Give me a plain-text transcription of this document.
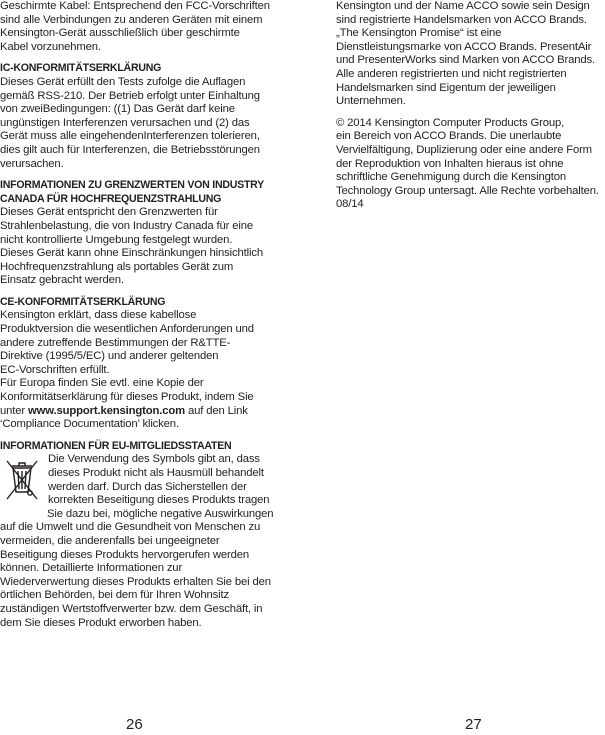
Geschirmte Kabel: Entsprechend den FCC-Vorschriften
sind alle Verbindungen zu anderen Geräten mit einem
Kensington-Gerät ausschließlich über geschirmte
Kabel vorzunehmen.

IC-KONFORMITÄTSERKLÄRUNG

Dieses Gerät erfüllt den Tests zufolge die Auflagen
gemäß RSS-210. Der Betrieb erfolgt unter Einhaltung
von zweiBedingungen: ((1) Das Gerät darf keine
ungünstigen Interferenzen verursachen und (2) das
Gerät muss alle eingehendenInterferenzen tolerieren,
dies gilt auch für Interferenzen, die Betriebsstörungen
verursachen.

INFORMATIONEN ZU GRENZWERTEN VON INDUSTRY
CANADA FÜR HOCHFREQUENZSTRAHLUNG

Dieses Gerät entspricht den Grenzwerten für
Strahlenbelastung, die von Industry Canada für eine
nicht kontrollierte Umgebung festgelegt wurden.
Dieses Gerät kann ohne Einschränkungen hinsichtlich
Hochfrequenzstrahlung als portables Gerät zum
Einsatz gebracht werden.

CE-KONFORMITÄTSERKLÄRUNG

Kensington erklärt, dass diese kabellose
Produktversion die wesentlichen Anforderungen und
andere zutreffende Bestimmungen der R&TTE-
Direktive (1995/5/EC) und anderer geltenden
EC-Vorschriften erfüllt.

Für Europa finden Sie evtl. eine Kopie der
Konformitätserklärung für dieses Produkt, indem Sie
unter www.support.kensington.com auf den Link
‘Compliance Documentation’ klicken.

INFORMATIONEN FÜR EU-MITGLIEDSSTAATEN

Die Verwendung des Symbols gibt an, dass
dieses Produkt nicht als Hausmüll behandelt
werden darf. Durch das Sicherstellen der
korrekten Beseitigung dieses Produkts tragen
Sie dazu bei, mögliche negative Auswirkungen
auf die Umwelt und die Gesundheit von Menschen zu
vermeiden, die anderenfalls bei ungeeigneter
Beseitigung dieses Produkts hervorgerufen werden
können. Detaillierte Informationen zur
Wiederverwertung dieses Produkts erhalten Sie bei den
örtlichen Behörden, bei dem für Ihren Wohnsitz
zuständigen Wertstoffverwerter bzw. dem Geschäft, in
dem Sie dieses Produkt erworben haben.

Kensington und der Name ACCO sowie sein Design
sind registrierte Handelsmarken von ACCO Brands.
„The Kensington Promise“ ist eine
Dienstleistungsmarke von ACCO Brands. PresentAir
und PresenterWorks sind Marken von ACCO Brands.
Alle anderen registrierten und nicht registrierten
Handelsmarken sind Eigentum der jeweiligen
Unternehmen.

© 2014 Kensington Computer Products Group,
ein Bereich von ACCO Brands. Die unerlaubte
Vervielfältigung, Duplizierung oder eine andere Form
der Reproduktion von Inhalten hieraus ist ohne
schriftliche Genehmigung durch die Kensington
Technology Group untersagt. Alle Rechte vorbehalten.
08/14

26	27
